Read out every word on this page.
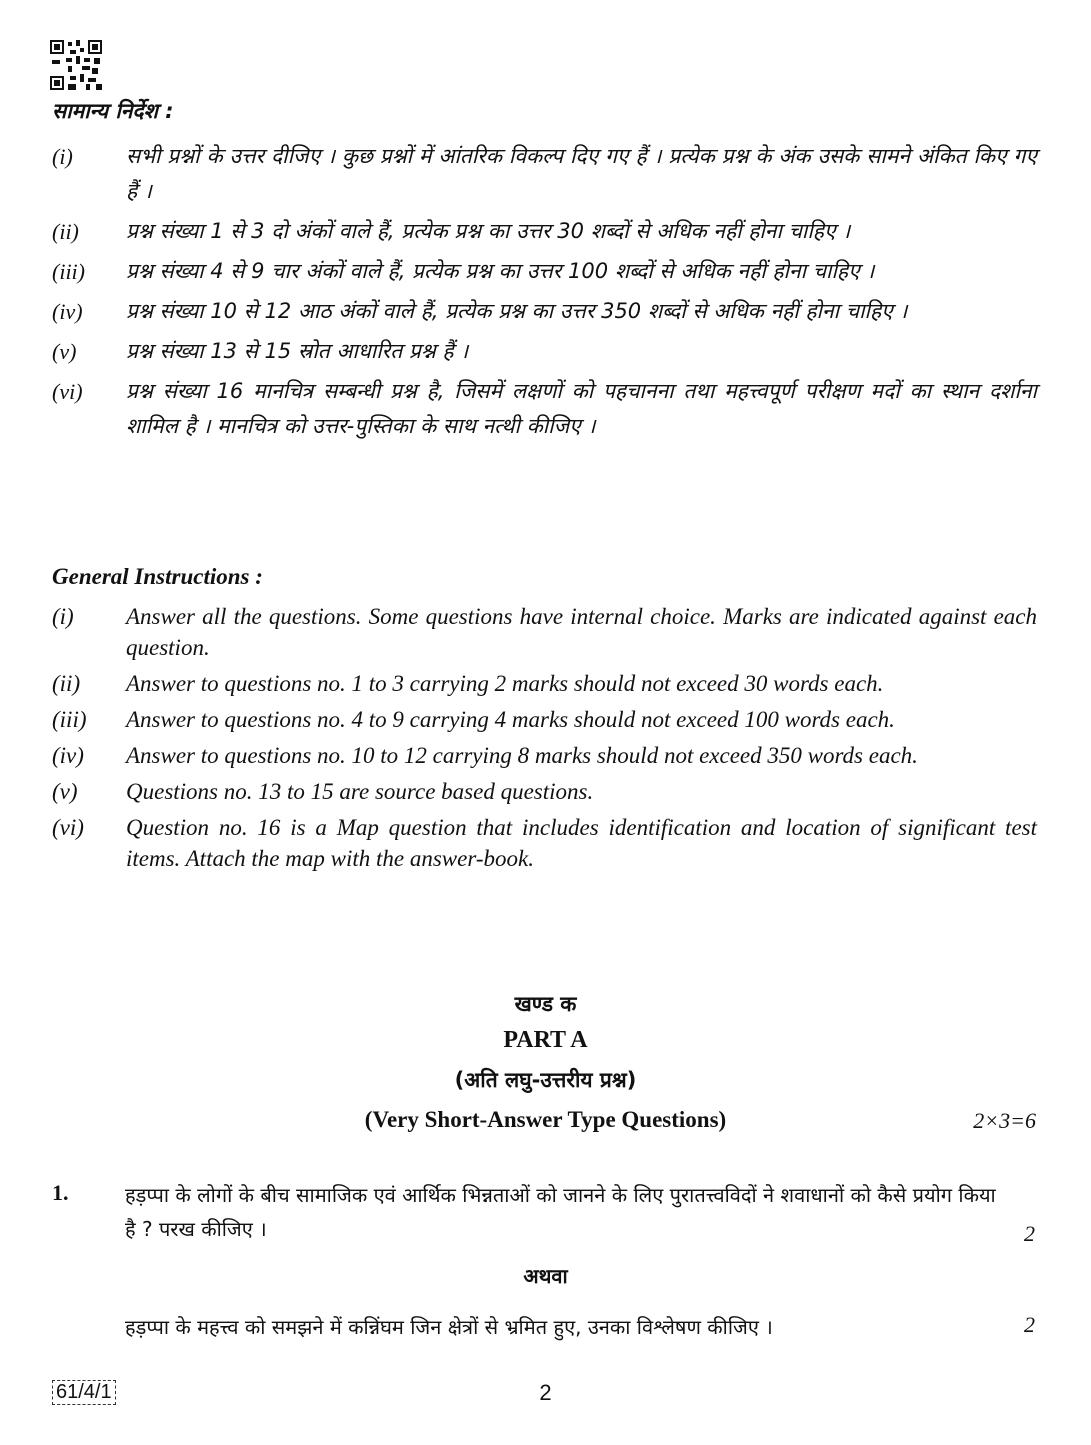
सामान्य निर्देश :
(i)	सभी प्रश्नों के उत्तर दीजिए । कुछ प्रश्नों में आंतरिक विकल्प दिए गए हैं । प्रत्येक प्रश्न के अंक उसके सामने अंकित किए गए हैं ।
(ii)	प्रश्न संख्या 1 से 3 दो अंकों वाले हैं, प्रत्येक प्रश्न का उत्तर 30 शब्दों से अधिक नहीं होना चाहिए ।
(iii)	प्रश्न संख्या 4 से 9 चार अंकों वाले हैं, प्रत्येक प्रश्न का उत्तर 100 शब्दों से अधिक नहीं होना चाहिए ।
(iv)	प्रश्न संख्या 10 से 12 आठ अंकों वाले हैं, प्रत्येक प्रश्न का उत्तर 350 शब्दों से अधिक नहीं होना चाहिए ।
(v)	प्रश्न संख्या 13 से 15 स्रोत आधारित प्रश्न हैं ।
(vi)	प्रश्न संख्या 16 मानचित्र सम्बन्धी प्रश्न है, जिसमें लक्षणों को पहचानना तथा महत्त्वपूर्ण परीक्षण मदों का स्थान दर्शाना शामिल है । मानचित्र को उत्तर-पुस्तिका के साथ नत्थी कीजिए ।
General Instructions :
(i)	Answer all the questions. Some questions have internal choice. Marks are indicated against each question.
(ii)	Answer to questions no. 1 to 3 carrying 2 marks should not exceed 30 words each.
(iii)	Answer to questions no. 4 to 9 carrying 4 marks should not exceed 100 words each.
(iv)	Answer to questions no. 10 to 12 carrying 8 marks should not exceed 350 words each.
(v)	Questions no. 13 to 15 are source based questions.
(vi)	Question no. 16 is a Map question that includes identification and location of significant test items. Attach the map with the answer-book.
खण्ड क
PART A
(अति लघु-उत्तरीय प्रश्न)
(Very Short-Answer Type Questions)	2×3=6
1.	हड़प्पा के लोगों के बीच सामाजिक एवं आर्थिक भिन्नताओं को जानने के लिए पुरातत्त्वविदों ने शवाधानों को कैसे प्रयोग किया है ? परख कीजिए ।	2
अथवा
हड़प्पा के महत्त्व को समझने में कन्निंघम जिन क्षेत्रों से भ्रमित हुए, उनका विश्लेषण कीजिए ।	2
61/4/1	2
